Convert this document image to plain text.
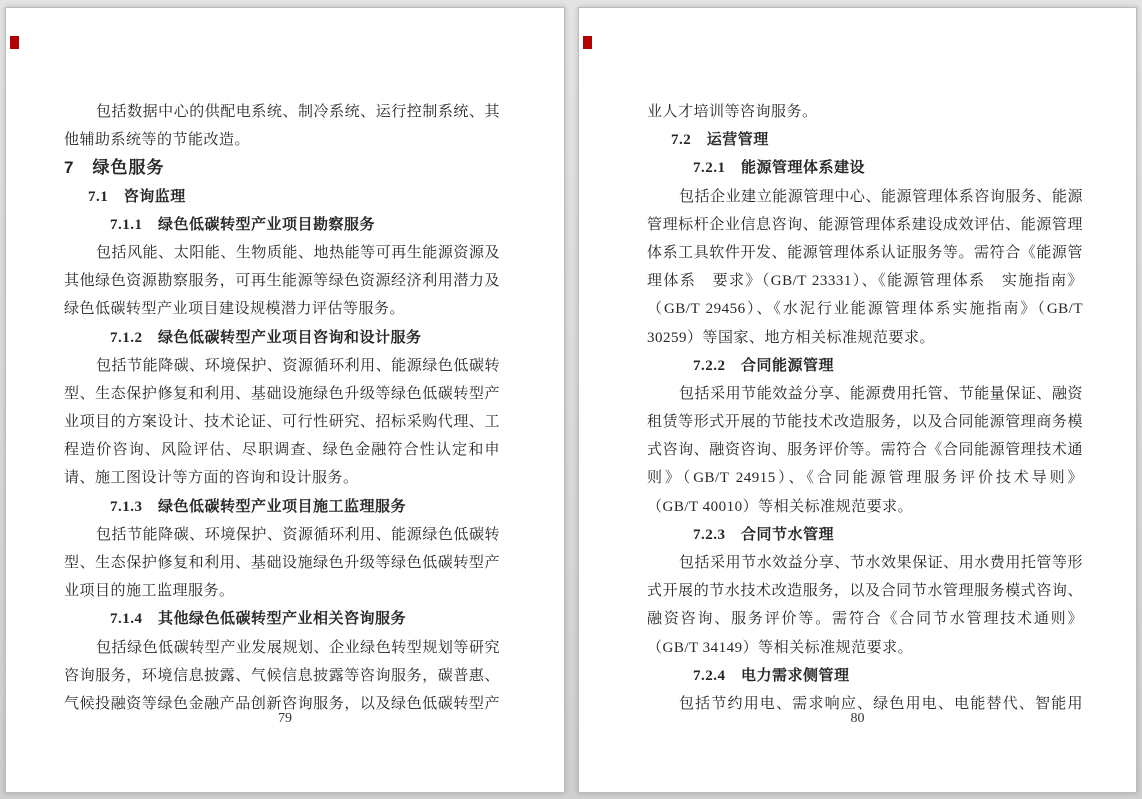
包括数据中心的供配电系统、制冷系统、运行控制系统、其
他辅助系统等的节能改造。
7　绿色服务
7.1　咨询监理
7.1.1　绿色低碳转型产业项目勘察服务
包括风能、太阳能、生物质能、地热能等可再生能源资源及
其他绿色资源勘察服务，可再生能源等绿色资源经济利用潜力及
绿色低碳转型产业项目建设规模潜力评估等服务。
7.1.2　绿色低碳转型产业项目咨询和设计服务
包括节能降碳、环境保护、资源循环利用、能源绿色低碳转
型、生态保护修复和利用、基础设施绿色升级等绿色低碳转型产
业项目的方案设计、技术论证、可行性研究、招标采购代理、工
程造价咨询、风险评估、尽职调查、绿色金融符合性认定和申
请、施工图设计等方面的咨询和设计服务。
7.1.3　绿色低碳转型产业项目施工监理服务
包括节能降碳、环境保护、资源循环利用、能源绿色低碳转
型、生态保护修复和利用、基础设施绿色升级等绿色低碳转型产
业项目的施工监理服务。
7.1.4　其他绿色低碳转型产业相关咨询服务
包括绿色低碳转型产业发展规划、企业绿色转型规划等研究
咨询服务，环境信息披露、气候信息披露等咨询服务，碳普惠、
气候投融资等绿色金融产品创新咨询服务，以及绿色低碳转型产
79
业人才培训等咨询服务。
7.2　运营管理
7.2.1　能源管理体系建设
包括企业建立能源管理中心、能源管理体系咨询服务、能源
管理标杆企业信息咨询、能源管理体系建设成效评估、能源管理
体系工具软件开发、能源管理体系认证服务等。需符合《能源管
理体系　要求》（GB/T 23331）、《能源管理体系　实施指南》
（GB/T 29456）、《水泥行业能源管理体系实施指南》（GB/T
30259）等国家、地方相关标准规范要求。
7.2.2　合同能源管理
包括采用节能效益分享、能源费用托管、节能量保证、融资
租赁等形式开展的节能技术改造服务，以及合同能源管理商务模
式咨询、融资咨询、服务评价等。需符合《合同能源管理技术通
则》（GB/T 24915）、《合同能源管理服务评价技术导则》
（GB/T 40010）等相关标准规范要求。
7.2.3　合同节水管理
包括采用节水效益分享、节水效果保证、用水费用托管等形
式开展的节水技术改造服务，以及合同节水管理服务模式咨询、
融资咨询、服务评价等。需符合《合同节水管理技术通则》
（GB/T 34149）等相关标准规范要求。
7.2.4　电力需求侧管理
包括节约用电、需求响应、绿色用电、电能替代、智能用
80
